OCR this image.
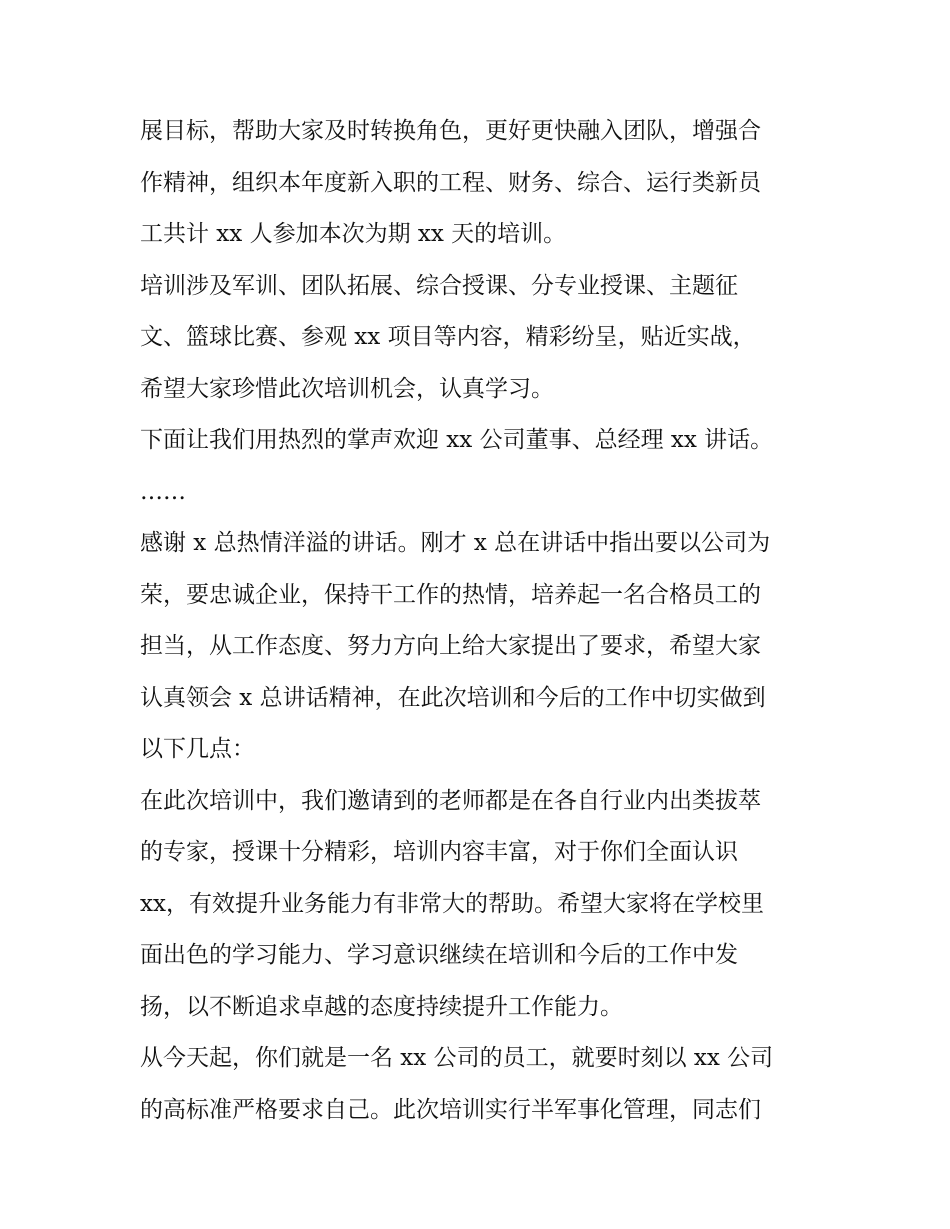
展目标，帮助大家及时转换角色，更好更快融入团队，增强合
作精神，组织本年度新入职的工程、财务、综合、运行类新员
工共计 xx 人参加本次为期 xx 天的培训。

培训涉及军训、团队拓展、综合授课、分专业授课、主题征
文、篮球比赛、参观 xx 项目等内容，精彩纷呈，贴近实战，
希望大家珍惜此次培训机会，认真学习。

下面让我们用热烈的掌声欢迎 xx 公司董事、总经理 xx 讲话。

……

感谢 x 总热情洋溢的讲话。刚才 x 总在讲话中指出要以公司为
荣，要忠诚企业，保持干工作的热情，培养起一名合格员工的
担当，从工作态度、努力方向上给大家提出了要求，希望大家
认真领会 x 总讲话精神，在此次培训和今后的工作中切实做到
以下几点：

在此次培训中，我们邀请到的老师都是在各自行业内出类拔萃
的专家，授课十分精彩，培训内容丰富，对于你们全面认识
xx，有效提升业务能力有非常大的帮助。希望大家将在学校里
面出色的学习能力、学习意识继续在培训和今后的工作中发
扬，以不断追求卓越的态度持续提升工作能力。

从今天起，你们就是一名 xx 公司的员工，就要时刻以 xx 公司
的高标准严格要求自己。此次培训实行半军事化管理，同志们
